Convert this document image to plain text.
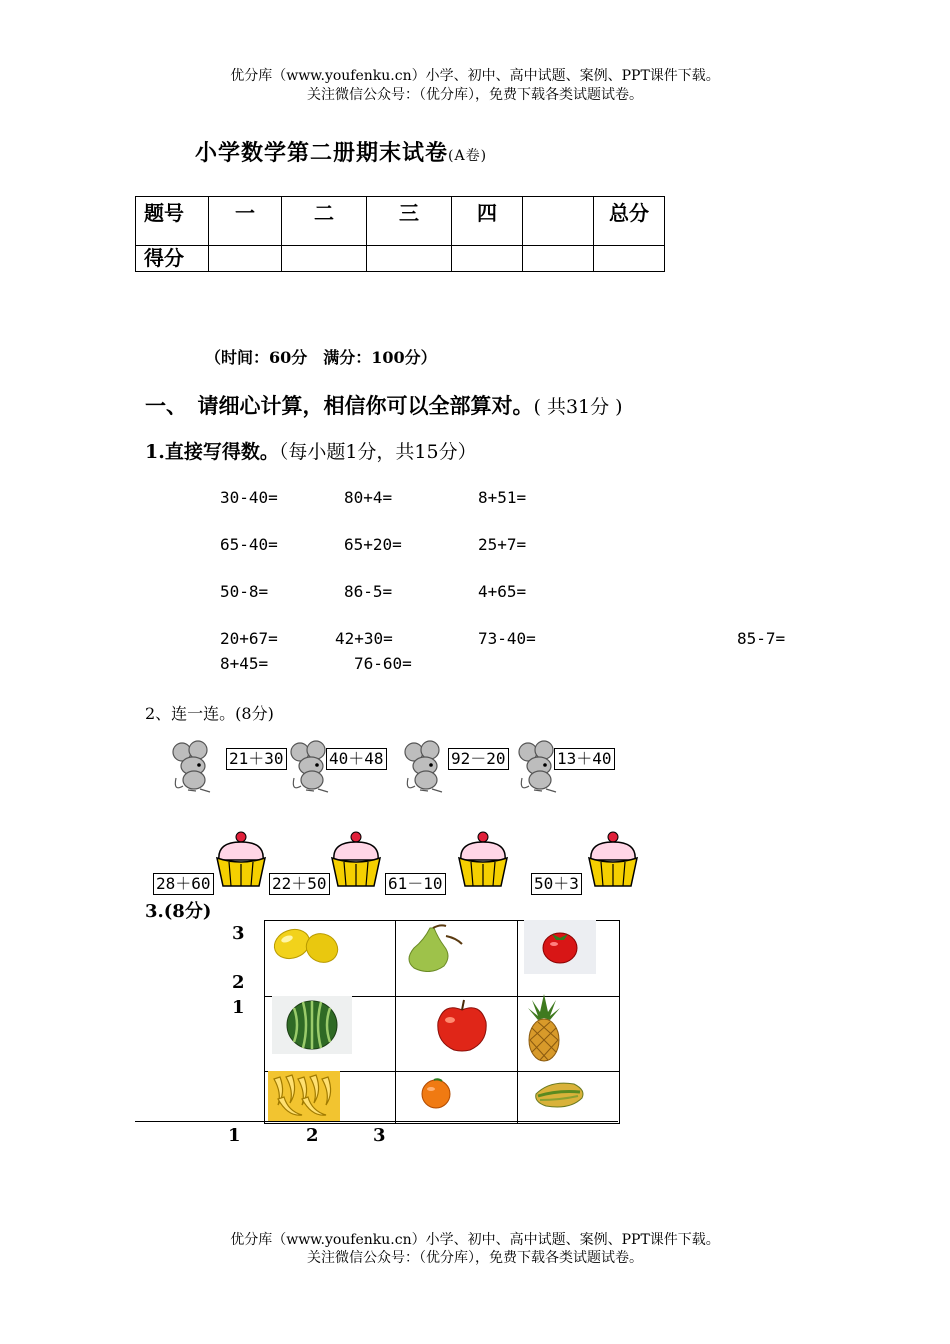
优分库（www.youfenku.cn）小学、初中、高中试题、案例、PPT课件下载。
关注微信公众号：（优分库），免费下载各类试题试卷。
小学数学第二册期末试卷(A卷)
题号	一	二	三	四		总分
得分						
（时间：60分　满分：100分）
一、　请细心计算，相信你可以全部算对。( 共31分 )
1.直接写得数。（每小题1分，共15分）
30-40=	80+4=	8+51=
65-40=	65+20=	25+7=
50-8=	86-5=	4+65=
20+67=	42+30=	73-40=	85-7=
8+45=	76-60=
2、连一连。(8分)
21＋30	40＋48	92－20	13＋40
28＋60	22＋50	61－10	50＋3
3.(8分)
3
2
1
1	2	3
优分库（www.youfenku.cn）小学、初中、高中试题、案例、PPT课件下载。
关注微信公众号：（优分库），免费下载各类试题试卷。
